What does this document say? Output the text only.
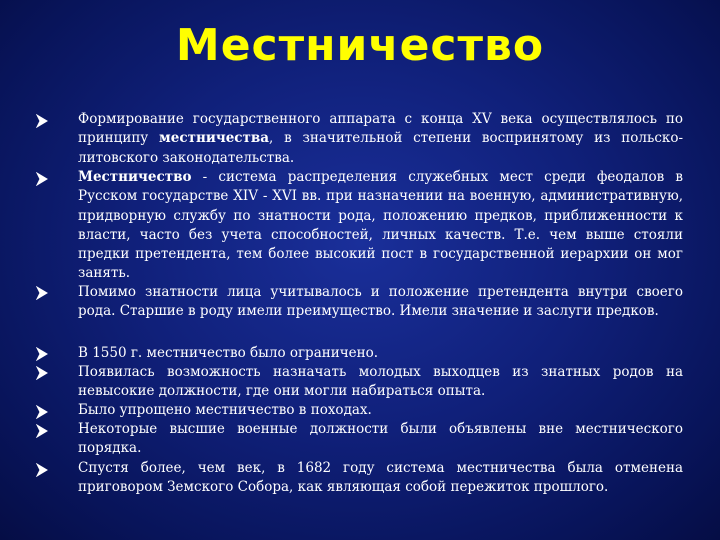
Местничество
Формирование государственного аппарата с конца XV века осуществлялось по принципу местничества, в значительной степени воспринятому из польско-литовского законодательства.
Местничество - система распределения служебных мест среди феодалов в Русском государстве XIV - XVI вв. при назначении на военную, административную, придворную службу по знатности рода, положению предков, приближенности к власти, часто без учета способностей, личных качеств. Т.е. чем выше стояли предки претендента, тем более высокий пост в государственной иерархии он мог занять.
Помимо знатности лица учитывалось и положение претендента внутри своего рода. Старшие в роду имели преимущество. Имели значение и заслуги предков.
В 1550 г. местничество было ограничено.
Появилась возможность назначать молодых выходцев из знатных родов на невысокие должности, где они могли набираться опыта.
Было упрощено местничество в походах.
Некоторые высшие военные должности были объявлены вне местнического порядка.
Спустя более, чем век, в 1682 году система местничества была отменена приговором Земского Собора, как являющая собой пережиток прошлого.
